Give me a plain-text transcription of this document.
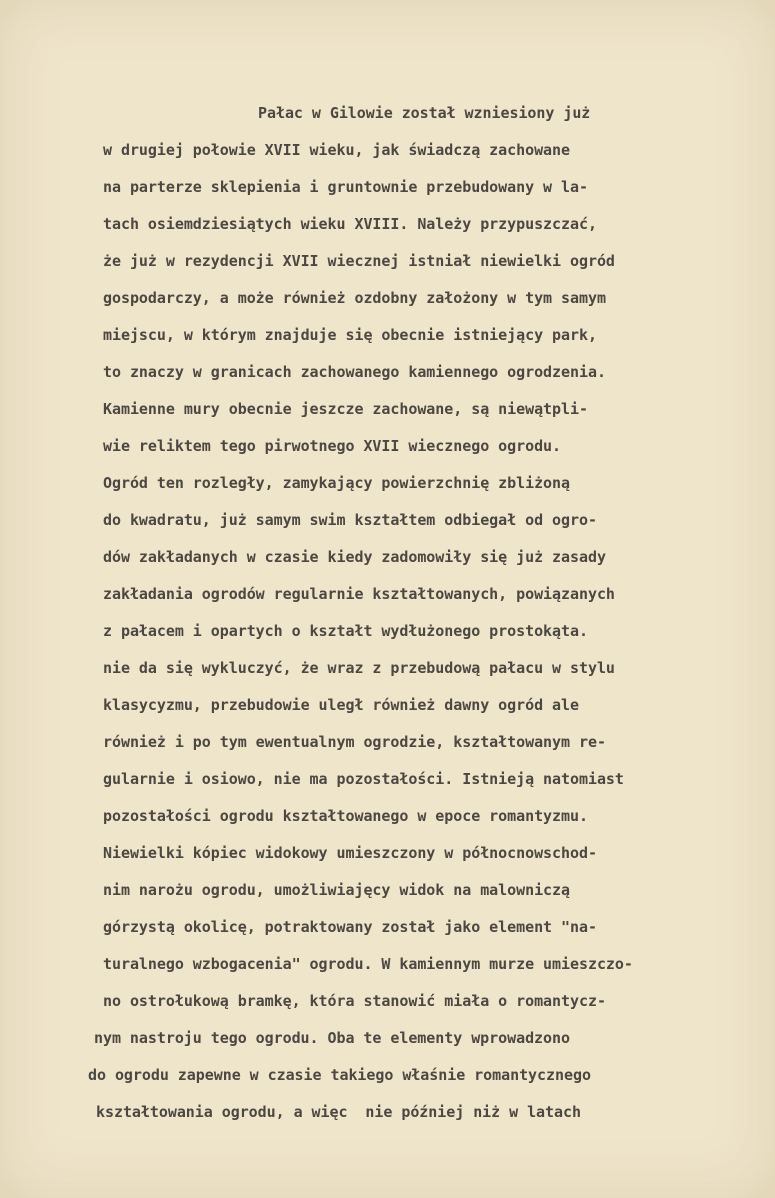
Pałac w Gilowie został wzniesiony już

w drugiej połowie XVII wieku, jak świadczą zachowane

na parterze sklepienia i gruntownie przebudowany w la-

tach osiemdziesiątych wieku XVIII. Należy przypuszczać,

że już w rezydencji XVII wiecznej istniał niewielki ogród

gospodarczy, a może również ozdobny założony w tym samym

miejscu, w którym znajduje się obecnie istniejący park,

to znaczy w granicach zachowanego kamiennego ogrodzenia.

Kamienne mury obecnie jeszcze zachowane, są niewątpli-

wie reliktem tego pirwotnego XVII wiecznego ogrodu.

Ogród ten rozległy, zamykający powierzchnię zbliżoną

do kwadratu, już samym swim kształtem odbiegał od ogro-

dów zakładanych w czasie kiedy zadomowiły się już zasady

zakładania ogrodów regularnie kształtowanych, powiązanych

z pałacem i opartych o kształt wydłużonego prostokąta.

nie da się wykluczyć, że wraz z przebudową pałacu w stylu

klasycyzmu, przebudowie uległ również dawny ogród ale

również i po tym ewentualnym ogrodzie, kształtowanym re-

gularnie i osiowo, nie ma pozostałości. Istnieją natomiast

pozostałości ogrodu kształtowanego w epoce romantyzmu.

Niewielki kópiec widokowy umieszczony w północnowschod-

nim narożu ogrodu, umożliwiajęcy widok na malowniczą

górzystą okolicę, potraktowany został jako element "na-

turalnego wzbogacenia" ogrodu. W kamiennym murze umieszczo-

no ostrołukową bramkę, która stanowić miała o romantycz-

nym nastroju tego ogrodu. Oba te elementy wprowadzono

do ogrodu zapewne w czasie takiego właśnie romantycznego

kształtowania ogrodu, a więc  nie później niż w latach
